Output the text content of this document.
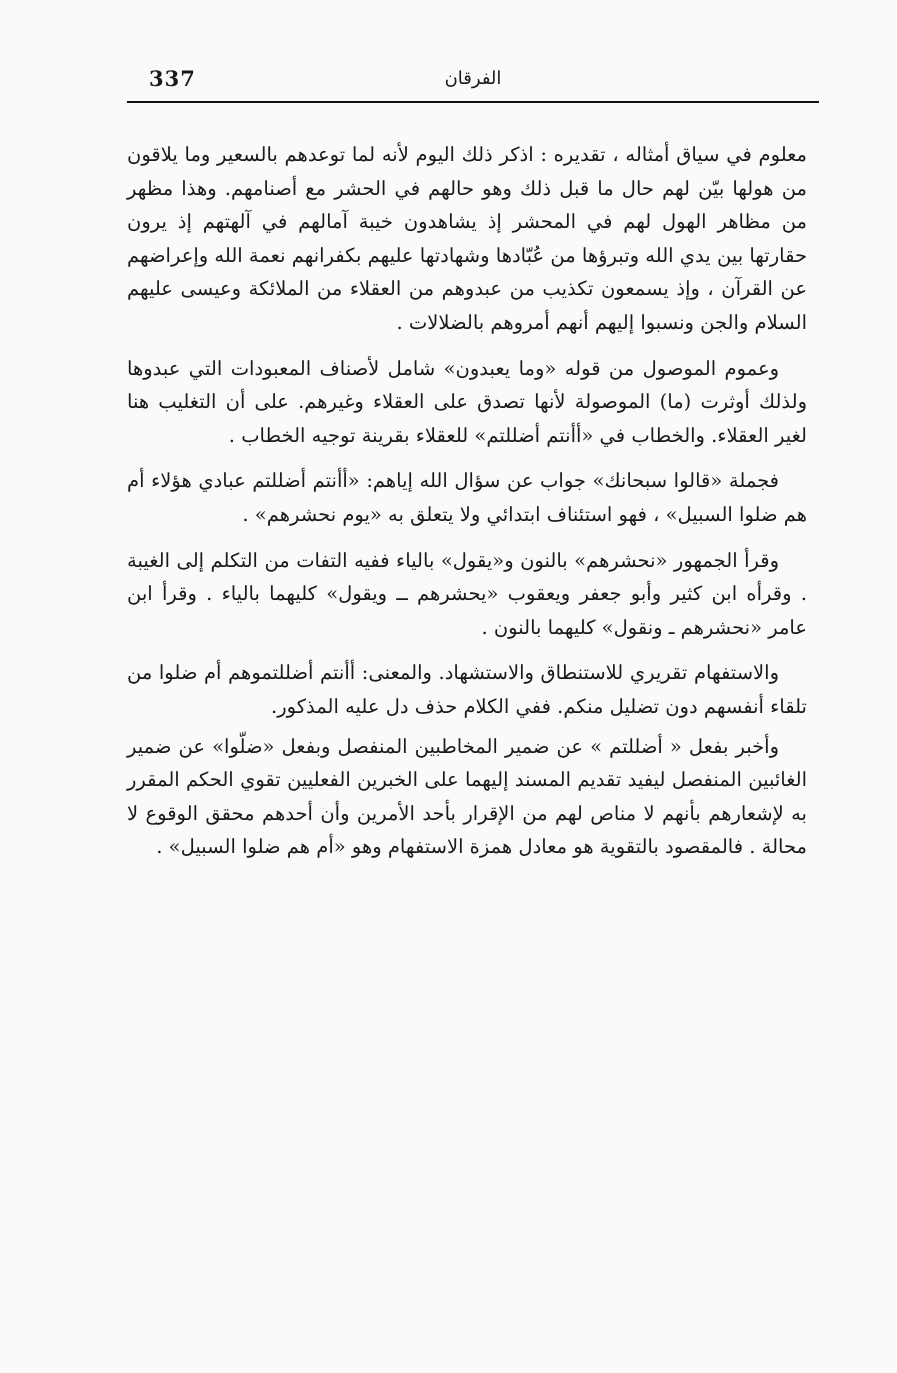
337	الفرقان

معلوم في سياق أمثاله ، تقديره : اذكر ذلك اليوم لأنه لما توعدهم بالسعير وما يلاقون من هولها بيّن لهم حال ما قبل ذلك وهو حالهم في الحشر مع أصنامهم. وهذا مظهر من مظاهر الهول لهم في المحشر إذ يشاهدون خيبة آمالهم في آلهتهم إذ يرون حقارتها بين يدي الله وتبرؤها من عُبّادها وشهادتها عليهم بكفرانهم نعمة الله وإعراضهم عن القرآن ، وإذ يسمعون تكذيب من عبدوهم من العقلاء من الملائكة وعيسى عليهم السلام والجن ونسبوا إليهم أنهم أمروهم بالضلالات .

وعموم الموصول من قوله «وما يعبدون» شامل لأصناف المعبودات التي عبدوها ولذلك أوثرت (ما) الموصولة لأنها تصدق على العقلاء وغيرهم. على أن التغليب هنا لغير العقلاء. والخطاب في «أأنتم أضللتم» للعقلاء بقرينة توجيه الخطاب .

فجملة «قالوا سبحانك» جواب عن سؤال الله إياهم: «أأنتم أضللتم عبادي هؤلاء أم هم ضلوا السبيل» ، فهو استئناف ابتدائي ولا يتعلق به «يوم نحشرهم» .

وقرأ الجمهور «نحشرهم» بالنون و«يقول» بالياء ففيه التفات من التكلم إلى الغيبة . وقرأه ابن كثير وأبو جعفر ويعقوب «يحشرهم ــ ويقول» كليهما بالياء . وقرأ ابن عامر «نحشرهم ـ ونقول» كليهما بالنون .

والاستفهام تقريري للاستنطاق والاستشهاد. والمعنى: أأنتم أضللتموهم أم ضلوا من تلقاء أنفسهم دون تضليل منكم. ففي الكلام حذف دل عليه المذكور.

وأخبر بفعل « أضللتم » عن ضمير المخاطبين المنفصل وبفعل «ضلّوا» عن ضمير الغائبين المنفصل ليفيد تقديم المسند إليهما على الخبرين الفعليين تقوي الحكم المقرر به لإشعارهم بأنهم لا مناص لهم من الإقرار بأحد الأمرين وأن أحدهم محقق الوقوع لا محالة . فالمقصود بالتقوية هو معادل همزة الاستفهام وهو «أم هم ضلوا السبيل» .
